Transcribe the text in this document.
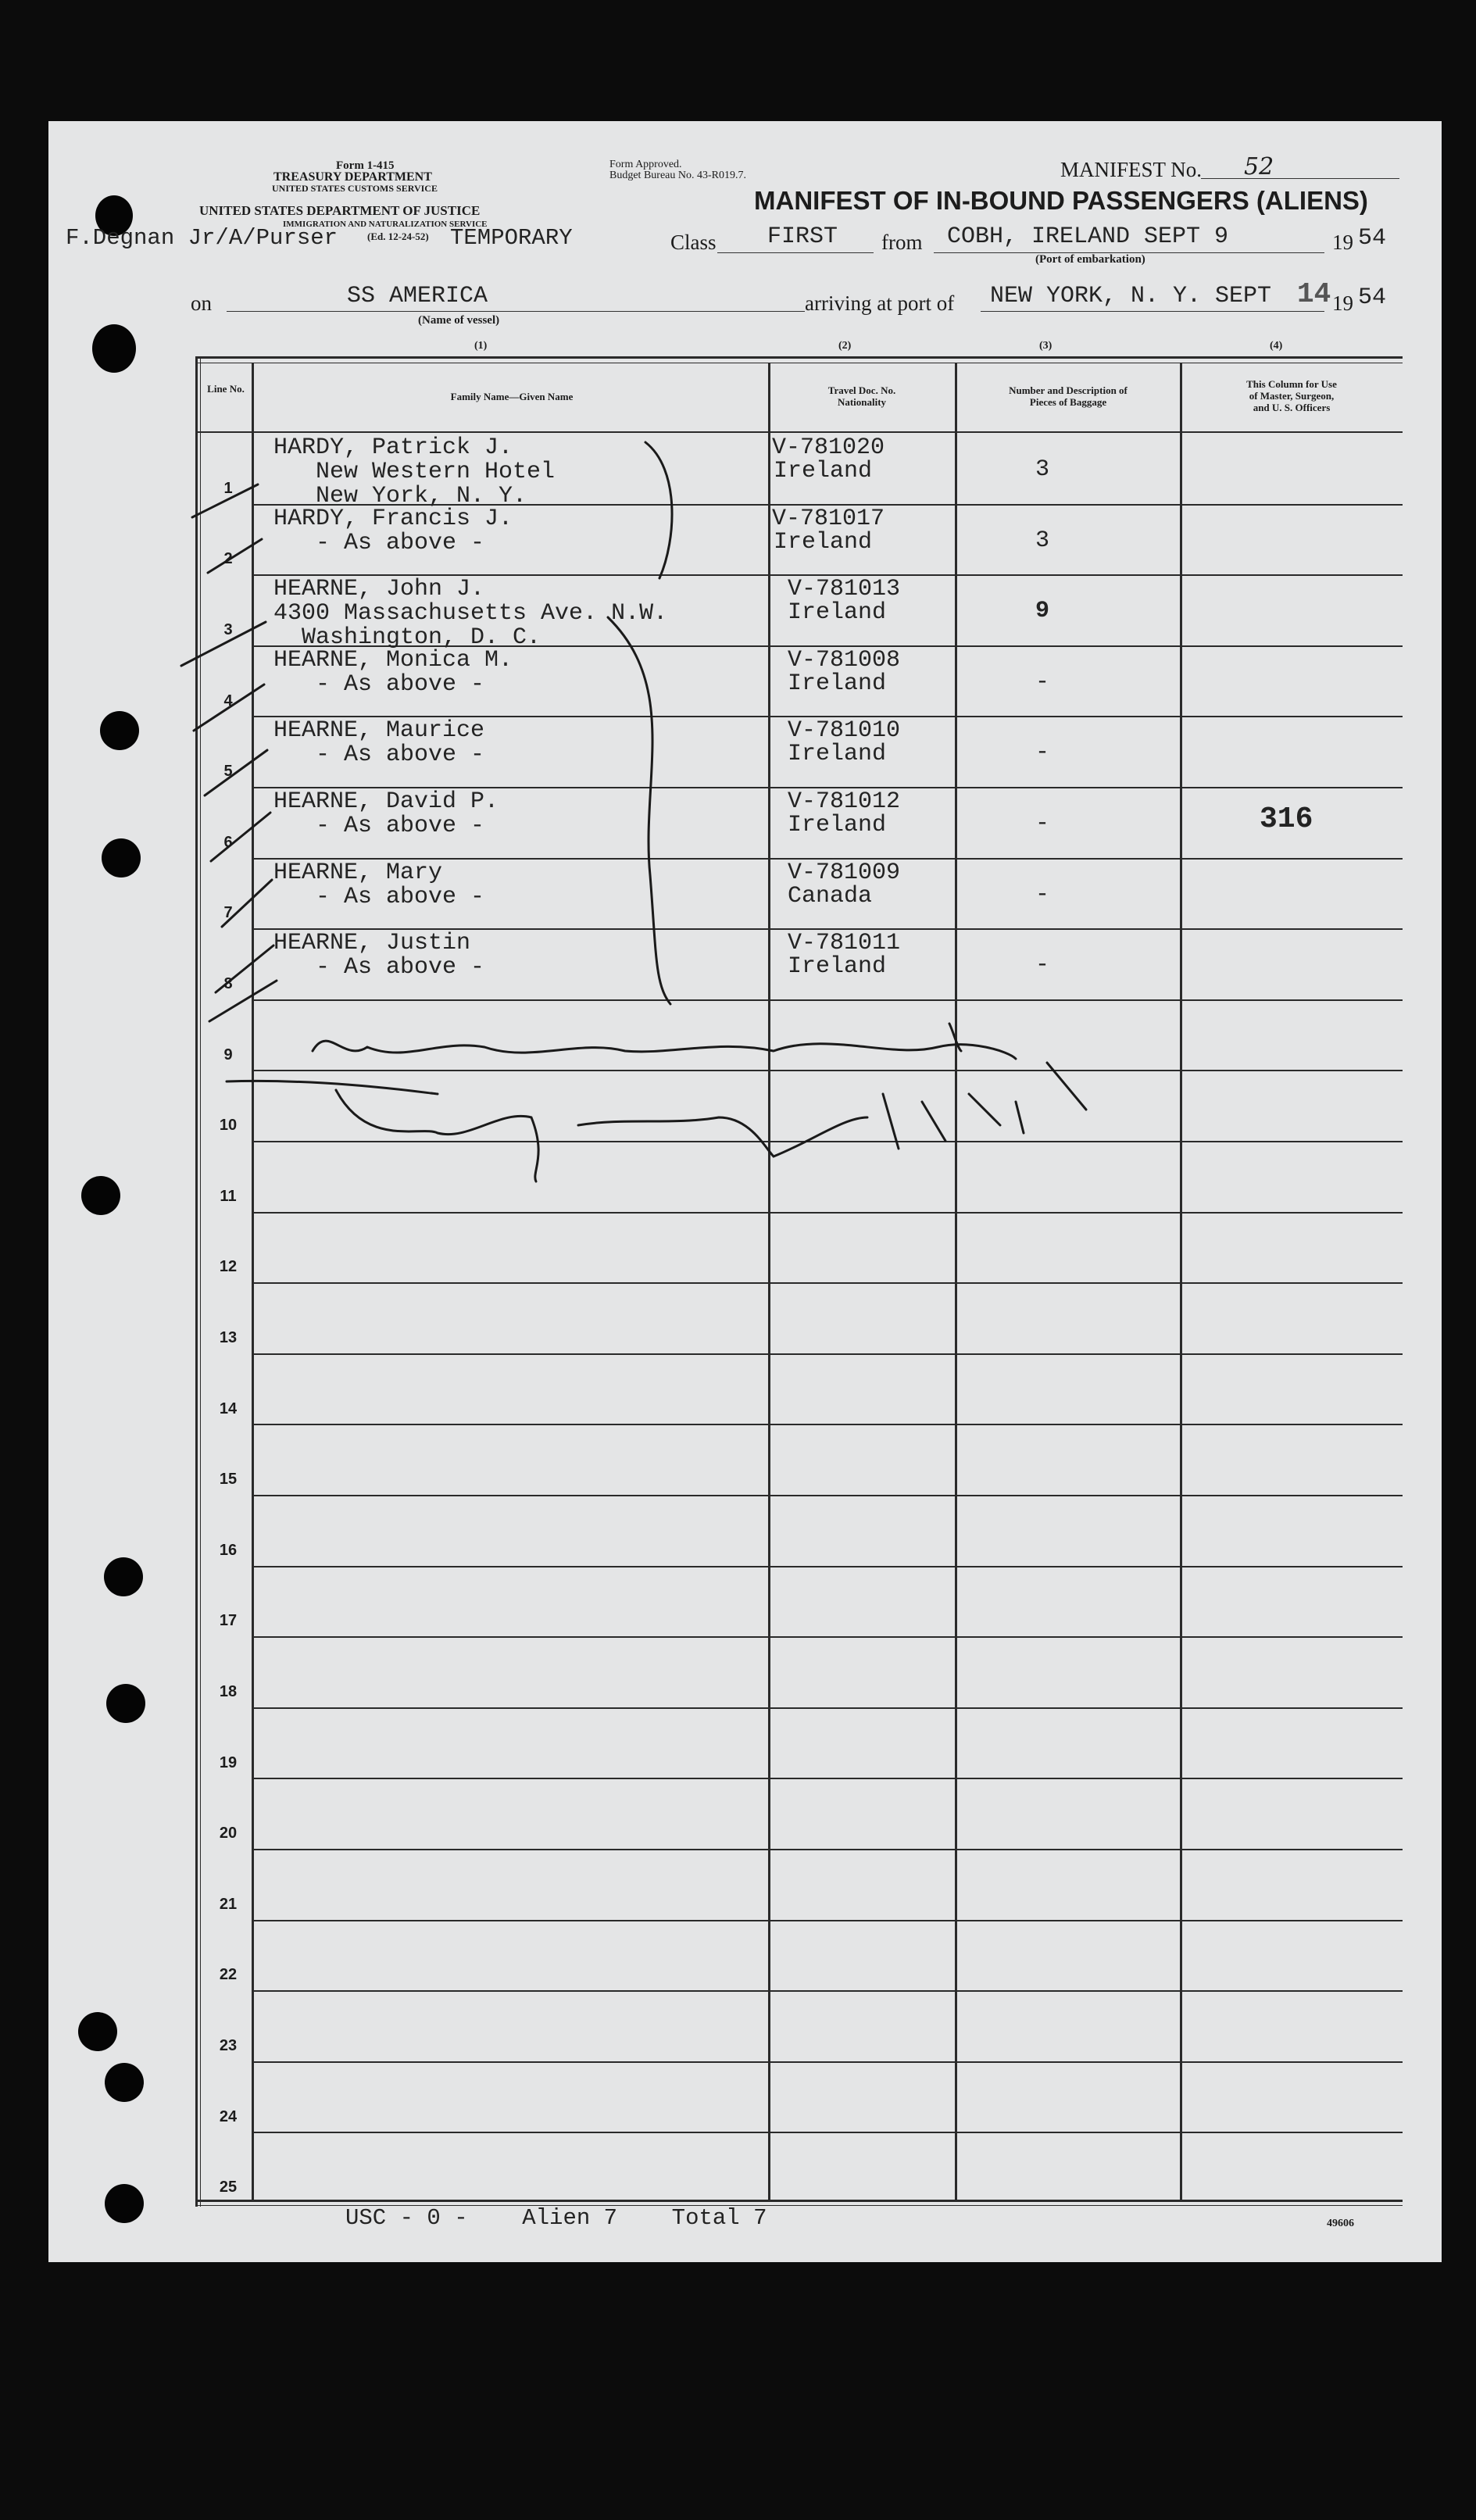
Form 1-415
TREASURY DEPARTMENT
UNITED STATES CUSTOMS SERVICE
UNITED STATES DEPARTMENT OF JUSTICE
IMMIGRATION AND NATURALIZATION SERVICE
(Ed. 12-24-52)
F.Degnan Jr/A/Purser	TEMPORARY
Form Approved.
Budget Bureau No. 43-R019.7.	MANIFEST No. 52
MANIFEST OF IN-BOUND PASSENGERS (ALIENS)
Class FIRST from COBH, IRELAND SEPT 9	19 54
(Port of embarkation)
on	SS AMERICA
(Name of vessel)
arriving at port of NEW YORK, N. Y. SEPT 14 19 54
(1)	(2)	(3)	(4)
Line No.
Family Name—Given Name
Travel Doc. No.
Nationality
Number and Description of
Pieces of Baggage
This Column for Use
of Master, Surgeon,
and U. S. Officers
1
HARDY, Patrick J.
New Western Hotel
New York, N. Y.
V-781020
Ireland	3
2
HARDY, Francis J.
- As above -
V-781017
Ireland	3
3
HEARNE, John J.
4300 Massachusetts Ave. N.W.
Washington, D. C.
V-781013
Ireland	9
4
HEARNE, Monica M.
- As above -
V-781008
Ireland	-
5
HEARNE, Maurice
- As above -
V-781010
Ireland	-
6
HEARNE, David P.
- As above -
V-781012
Ireland	-	316
7
HEARNE, Mary
- As above -
V-781009
Canada	-
8
HEARNE, Justin
- As above -
V-781011
Ireland	-
9
10
11
12
13
14
15
16
17
18
19
20
21
22
23
24
25
USC - 0 -    Alien 7    Total 7	49606
